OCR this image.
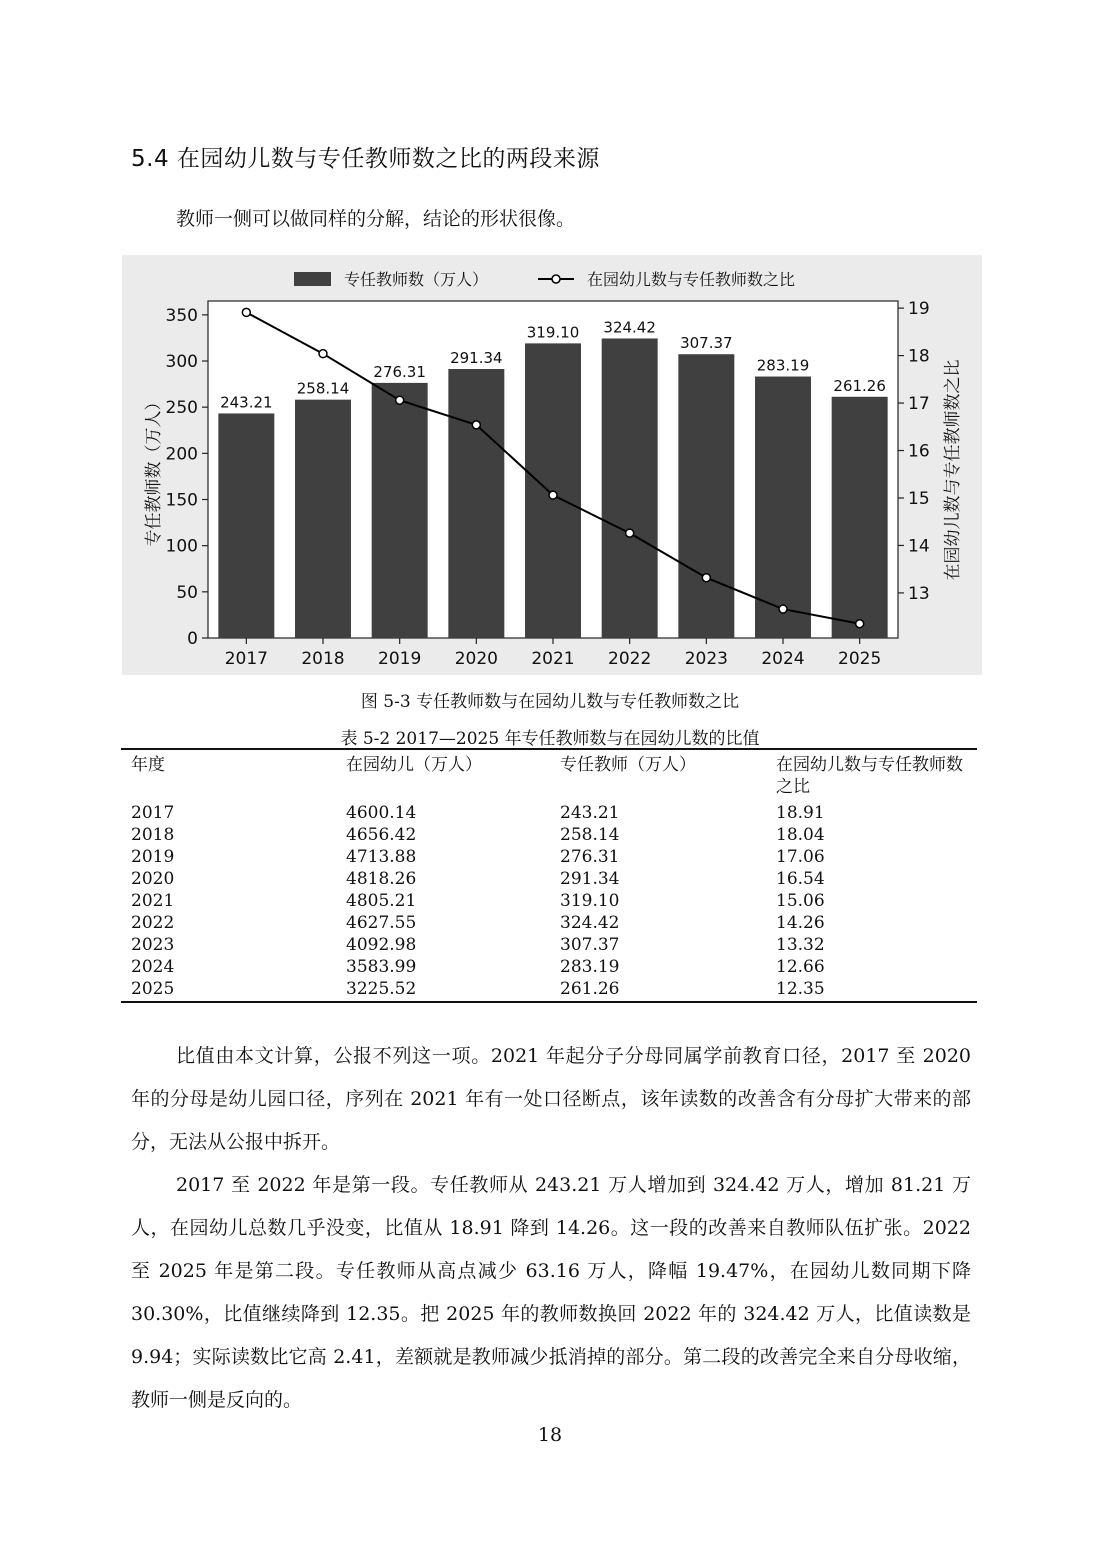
5.4 在园幼儿数与专任教师数之比的两段来源
教师一侧可以做同样的分解，结论的形状很像。
专任教师数（万人）	在园幼儿数与专任教师数之比
243.21
258.14
276.31
291.34
319.10 324.42
307.37
283.19
261.26
0
50
100
150
200
250
300
350
13
14
15
16
17
18
19
2017 2018 2019 2020 2021 2022 2023 2024 2025
专任教师数（万人）	在园幼儿数与专任教师数之比
图 5-3 专任教师数与在园幼儿数与专任教师数之比
表 5-2 2017—2025 年专任教师数与在园幼儿数的比值
年度	在园幼儿（万人）	专任教师（万人）	在园幼儿数与专任教师数之比
2017	4600.14	243.21	18.91
2018	4656.42	258.14	18.04
2019	4713.88	276.31	17.06
2020	4818.26	291.34	16.54
2021	4805.21	319.10	15.06
2022	4627.55	324.42	14.26
2023	4092.98	307.37	13.32
2024	3583.99	283.19	12.66
2025	3225.52	261.26	12.35
比值由本文计算，公报不列这一项。2021 年起分子分母同属学前教育口径，2017 至 2020 年的分母是幼儿园口径，序列在 2021 年有一处口径断点，该年读数的改善含有分母扩大带来的部分，无法从公报中拆开。
2017 至 2022 年是第一段。专任教师从 243.21 万人增加到 324.42 万人，增加 81.21 万人，在园幼儿总数几乎没变，比值从 18.91 降到 14.26。这一段的改善来自教师队伍扩张。2022 至 2025 年是第二段。专任教师从高点减少 63.16 万人，降幅 19.47%，在园幼儿数同期下降 30.30%，比值继续降到 12.35。把 2025 年的教师数换回 2022 年的 324.42 万人，比值读数是 9.94；实际读数比它高 2.41，差额就是教师减少抵消掉的部分。第二段的改善完全来自分母收缩，教师一侧是反向的。
18
